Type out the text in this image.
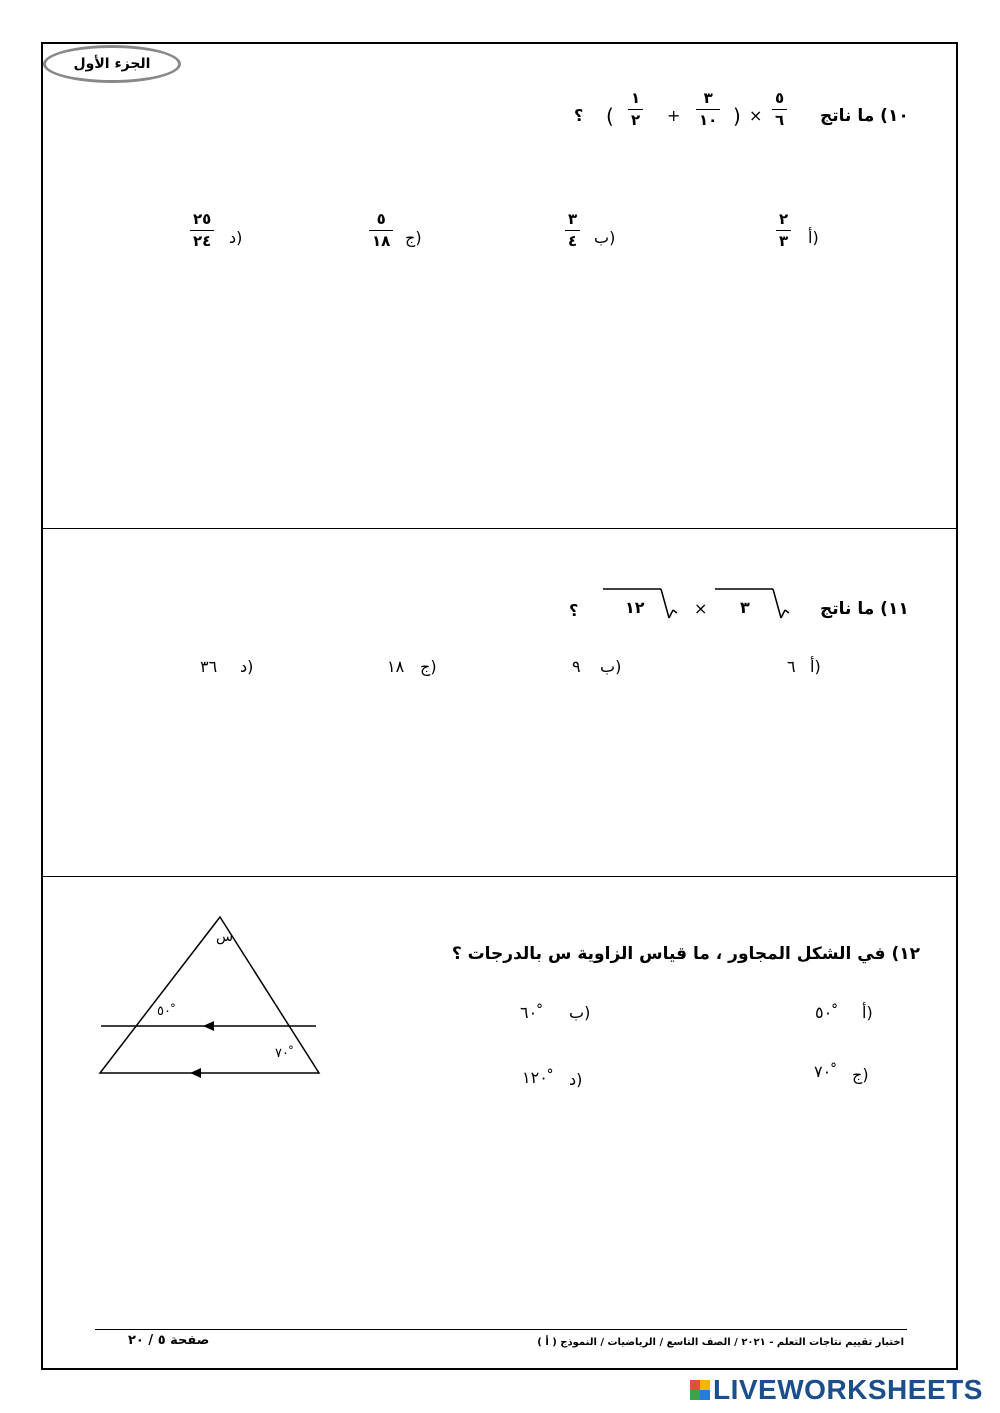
الجزء الأول
١٠) ما ناتج
٥
٦
×
)
٣
١٠
+
١
٢
(
؟
أ)
٢
٣
ب)
٣
٤
ج)
٥
١٨
د)
٢٥
٢٤
١١) ما ناتج
٣
×
١٢
؟
أ)
٦
ب)
٩
ج)
١٨
د)
٣٦
١٢) في الشكل المجاور ، ما قياس الزاوية س بالدرجات ؟
أ)
٥٠ ْ
ب)
٦٠ ْ
ج)
٧٠ ْ
د)
١٢٠ ْ
س
٥٠ ْ
٧٠ ْ
صفحة ٥ / ٢٠	اختبار تقييم نتاجات التعلم - ٢٠٢١ / الصف التاسع / الرياضيات / النموذج ( أ )
LIVEWORKSHEETS
